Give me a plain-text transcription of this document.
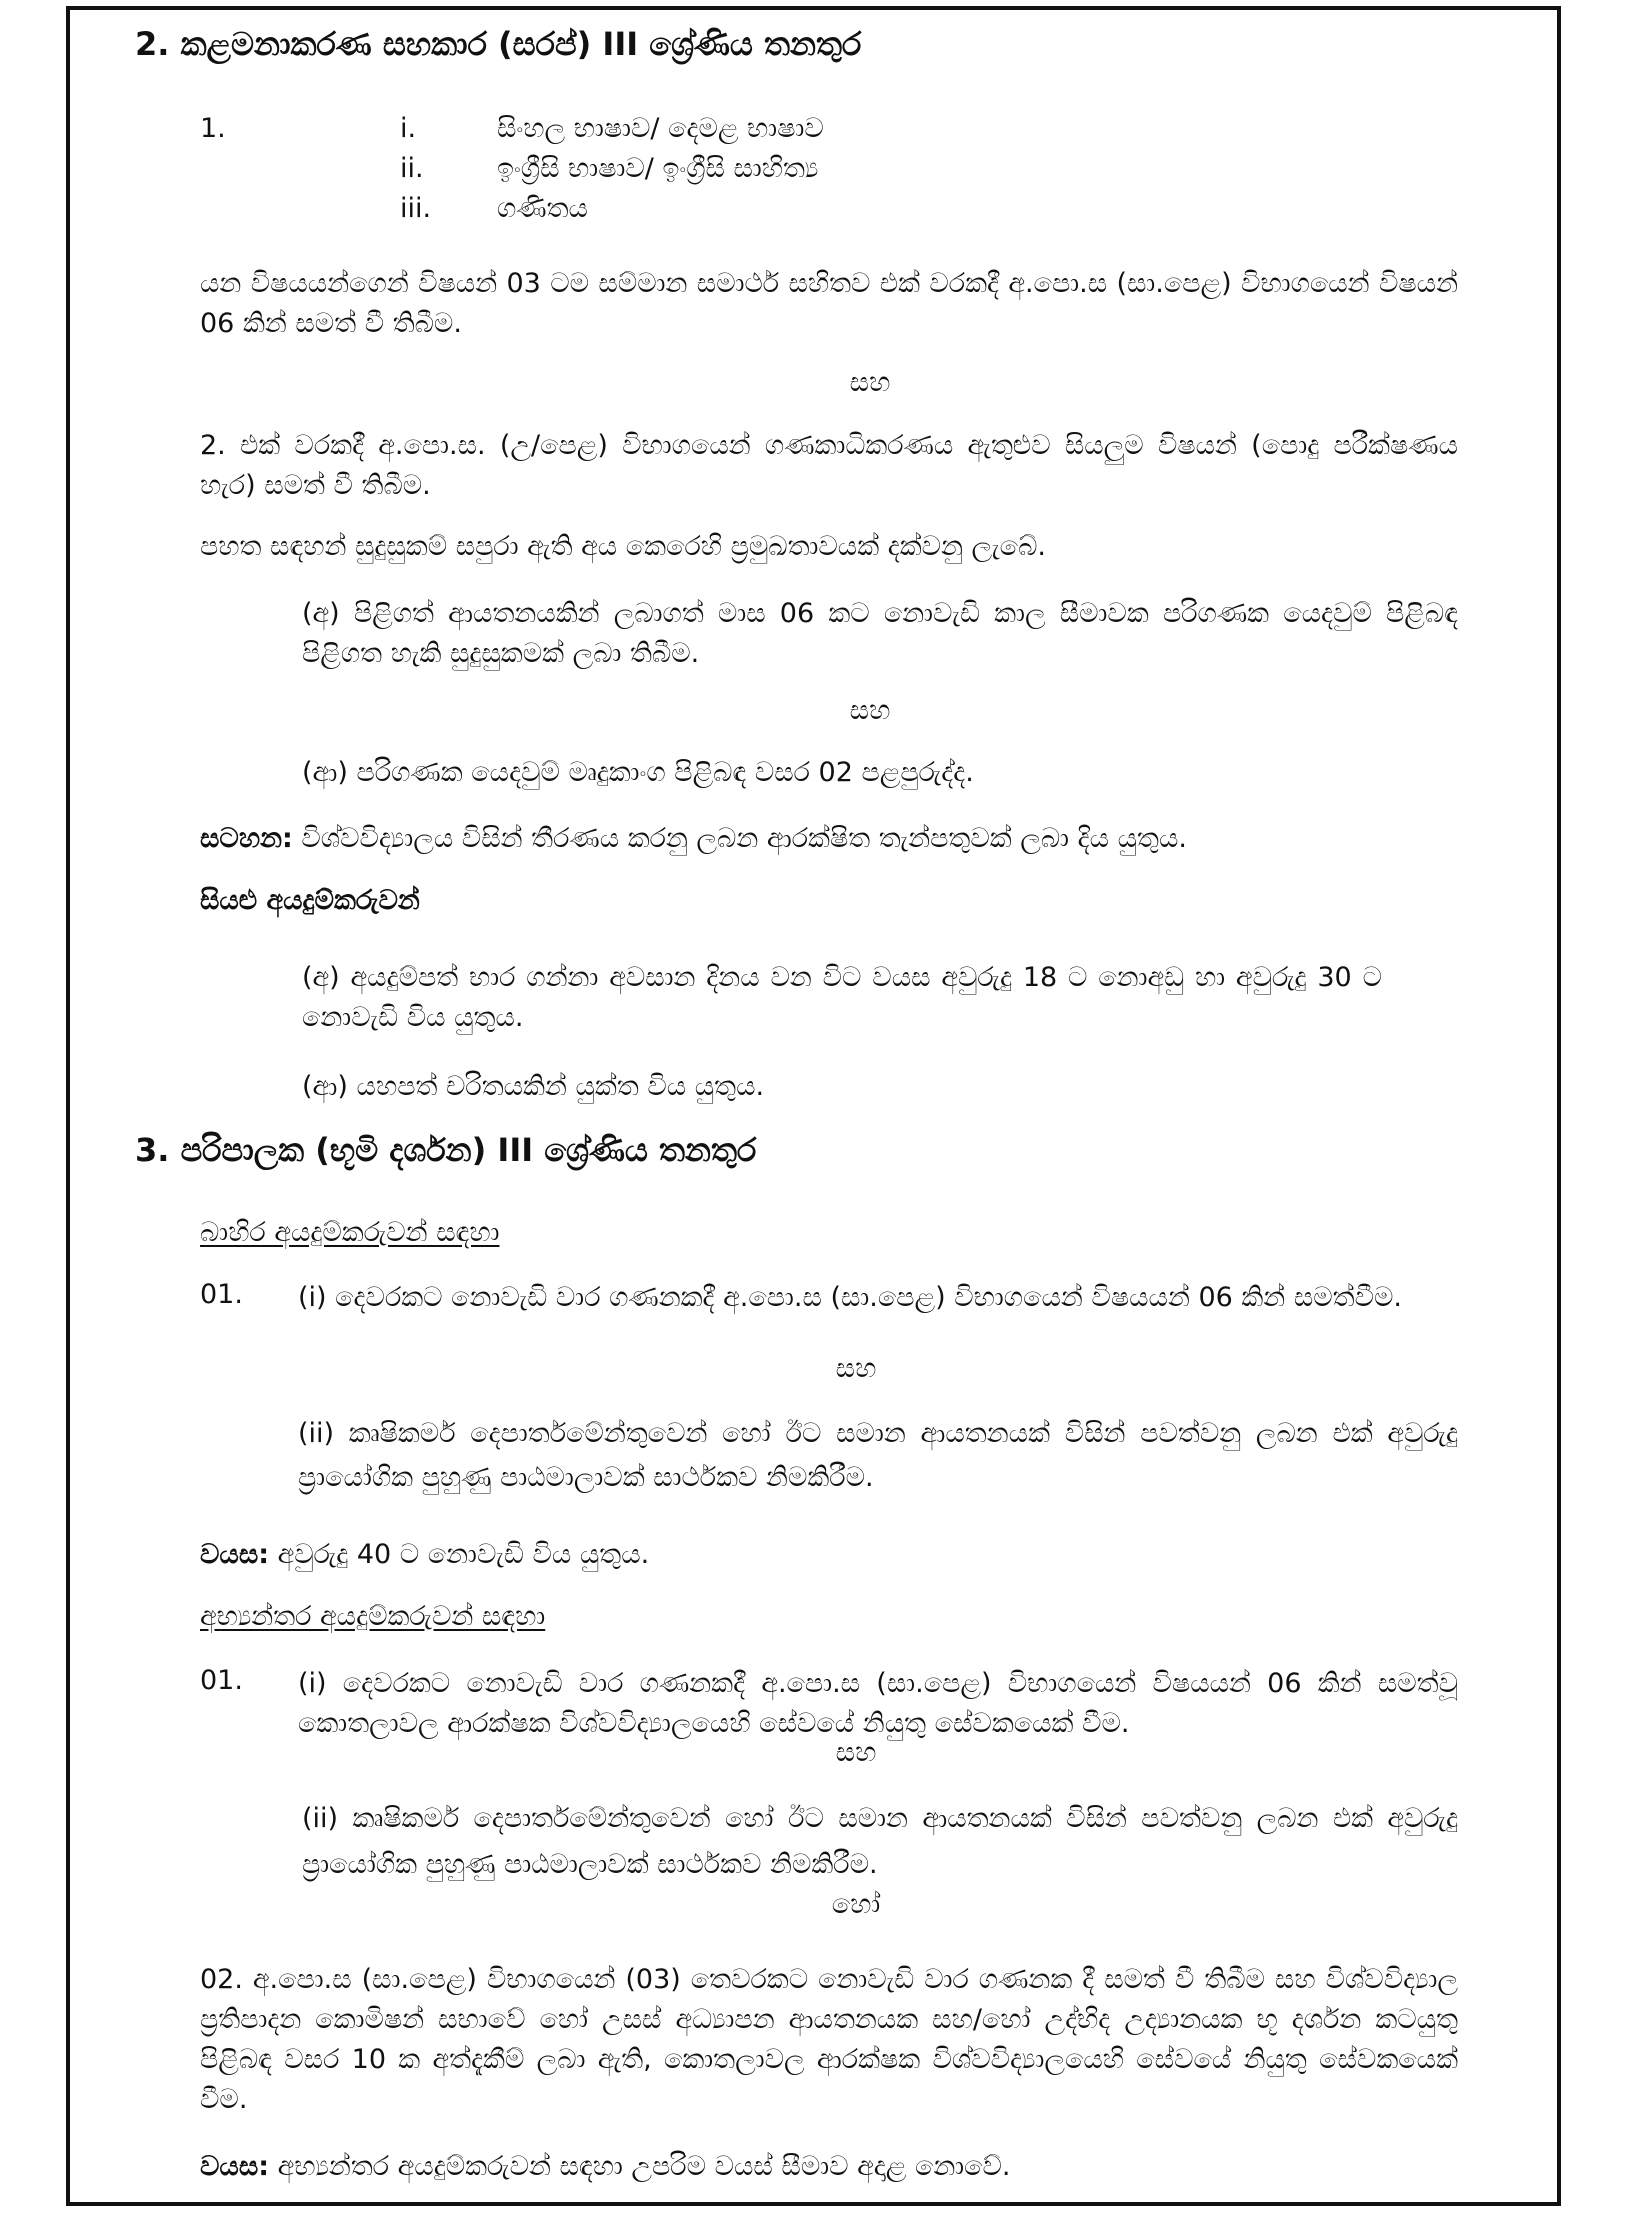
2. කළමනාකරණ සහකාර (සරප්) III ශ්‍රේණිය තනතුර
1.	i.	සිංහල භාෂාව/ දෙමළ භාෂාව
ii.	ඉංග්‍රීසි භාෂාව/ ඉංග්‍රීසි සාහිත්‍ය
iii. ගණිතය
යන විෂයයන්ගෙන් විෂයන් 03 ටම සම්මාන සමාර්ථ සහිතව එක් වරකදී අ.පො.ස (සා.පෙළ) විභාගයෙන් විෂයන් 06 කින් සමත් වී තිබීම.
සහ
2. එක් වරකදී අ.පො.ස. (උ/පෙළ) විභාගයෙන් ගණකාධිකරණය ඇතුළුව සියලුම විෂයන් (පොදු පරීක්ෂණය හැර) සමත් වී තිබීම.
පහත සඳහන් සුදුසුකම් සපුරා ඇති අය කෙරෙහි ප්‍රමුඛතාවයක් දක්වනු ලැබේ.
(අ) පිළිගත් ආයතනයකින් ලබාගත් මාස 06 කට නොවැඩි කාල සීමාවක පරිගණක යෙදවුම් පිළිබඳ පිළිගත හැකි සුදුසුකමක් ලබා තිබීම.
සහ
(ආ) පරිගණක යෙදවුම් මෘදුකාංග පිළිබඳ වසර 02 පළපුරුද්ද.
සටහන: විශ්වවිද්‍යාලය විසින් තීරණය කරනු ලබන ආරක්ෂිත තැන්පතුවක් ලබා දිය යුතුය.
සියළු අයදුම්කරුවන්
(අ) අයදුම්පත් භාර ගන්නා අවසාන දිනය වන විට වයස අවුරුදු 18 ට නොඅඩු හා අවුරුදු 30 ට නොවැඩි විය යුතුය.
(ආ) යහපත් චරිතයකින් යුක්ත විය යුතුය.
3. පරිපාලක (භූමි දර්ශන) III ශ්‍රේණිය තනතුර
බාහිර අයදුම්කරුවන් සඳහා
01. (i) දෙවරකට නොවැඩි වාර ගණනකදී අ.පො.ස (සා.පෙළ) විභාගයෙන් විෂයයන් 06 කින් සමත්වීම.
සහ
(ii) කෘෂිකර්ම දෙපාර්තමේන්තුවෙන් හෝ ඊට සමාන ආයතනයක් විසින් පවත්වනු ලබන එක් අවුරුදු ප්‍රායෝගික පුහුණු පාඨමාලාවක් සාර්ථකව නිමකිරීම.
වයස: අවුරුදු 40 ට නොවැඩි විය යුතුය.
අභ්‍යන්තර අයදුම්කරුවන් සඳහා
01. (i) දෙවරකට නොවැඩි වාර ගණනකදී අ.පො.ස (සා.පෙළ) විභාගයෙන් විෂයයන් 06 කින් සමත්වූ කොතලාවල ආරක්ෂක විශ්වවිද්‍යාලයෙහි සේවයේ නියුතු සේවකයෙක් වීම.
සහ
(ii) කෘෂිකර්ම දෙපාර්තමේන්තුවෙන් හෝ ඊට සමාන ආයතනයක් විසින් පවත්වනු ලබන එක් අවුරුදු ප්‍රායෝගික පුහුණු පාඨමාලාවක් සාර්ථකව නිමකිරීම.
හෝ
02. අ.පො.ස (සා.පෙළ) විභාගයෙන් (03) තෙවරකට නොවැඩි වාර ගණනක දී සමත් වී තිබීම සහ විශ්වවිද්‍යාල ප්‍රතිපාදන කොමිෂන් සභාවේ හෝ උසස් අධ්‍යාපන ආයතනයක සහ/හෝ උද්භිද උද්‍යානයක භූ දර්ශන කටයුතු පිළිබඳ වසර 10 ක අත්දැකීම් ලබා ඇති, කොතලාවල ආරක්ෂක විශ්වවිද්‍යාලයෙහි සේවයේ නියුතු සේවකයෙක් වීම.
වයස: අභ්‍යන්තර අයදුම්කරුවන් සඳහා උපරිම වයස් සීමාව අදාළ නොවේ.
